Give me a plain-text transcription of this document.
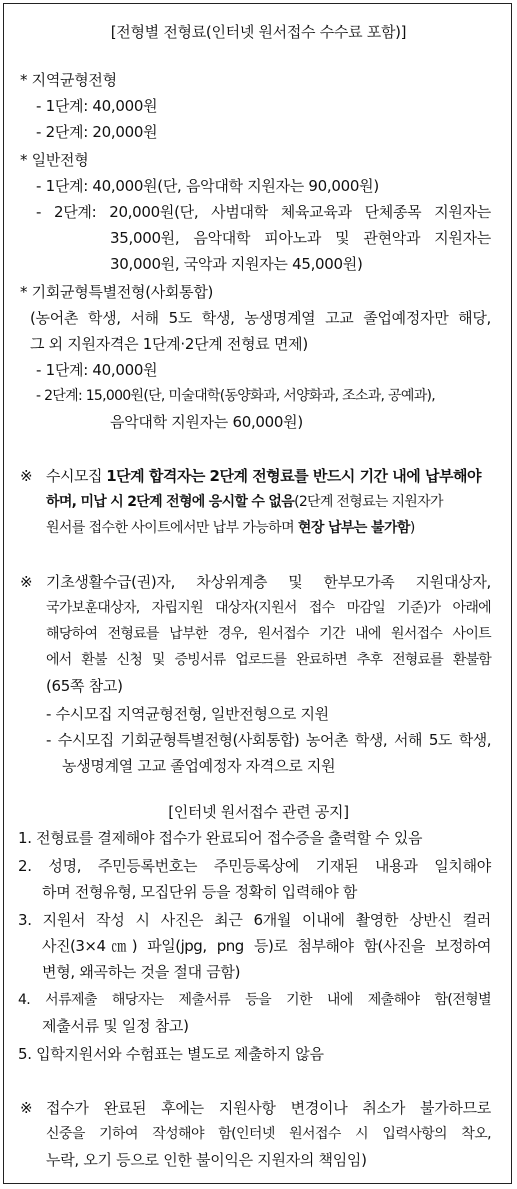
[전형별 전형료(인터넷 원서접수 수수료 포함)]
* 지역균형전형
- 1단계: 40,000원
- 2단계: 20,000원
* 일반전형
- 1단계: 40,000원(단, 음악대학 지원자는 90,000원)
- 2단계: 20,000원(단, 사범대학 체육교육과 단체종목 지원자는
35,000원, 음악대학 피아노과 및 관현악과 지원자는
30,000원, 국악과 지원자는 45,000원)
* 기회균형특별전형(사회통합)
(농어촌 학생, 서해 5도 학생, 농생명계열 고교 졸업예정자만 해당,
그 외 지원자격은 1단계·2단계 전형료 면제)
- 1단계: 40,000원
- 2단계: 15,000원(단, 미술대학(동양화과, 서양화과, 조소과, 공예과),
음악대학 지원자는 60,000원)
※ 수시모집 1단계 합격자는 2단계 전형료를 반드시 기간 내에 납부해야
하며, 미납 시 2단계 전형에 응시할 수 없음(2단계 전형료는 지원자가
원서를 접수한 사이트에서만 납부 가능하며 현장 납부는 불가함)
※ 기초생활수급(권)자, 차상위계층 및 한부모가족 지원대상자,
국가보훈대상자, 자립지원 대상자(지원서 접수 마감일 기준)가 아래에
해당하여 전형료를 납부한 경우, 원서접수 기간 내에 원서접수 사이트
에서 환불 신청 및 증빙서류 업로드를 완료하면 추후 전형료를 환불함
(65쪽 참고)
- 수시모집 지역균형전형, 일반전형으로 지원
- 수시모집 기회균형특별전형(사회통합) 농어촌 학생, 서해 5도 학생,
농생명계열 고교 졸업예정자 자격으로 지원
[인터넷 원서접수 관련 공지]
1. 전형료를 결제해야 접수가 완료되어 접수증을 출력할 수 있음
2. 성명, 주민등록번호는 주민등록상에 기재된 내용과 일치해야
하며 전형유형, 모집단위 등을 정확히 입력해야 함
3. 지원서 작성 시 사진은 최근 6개월 이내에 촬영한 상반신 컬러
사진(3×4㎝) 파일(jpg, png 등)로 첨부해야 함(사진을 보정하여
변형, 왜곡하는 것을 절대 금함)
4. 서류제출 해당자는 제출서류 등을 기한 내에 제출해야 함(전형별
제출서류 및 일정 참고)
5. 입학지원서와 수험표는 별도로 제출하지 않음
※ 접수가 완료된 후에는 지원사항 변경이나 취소가 불가하므로
신중을 기하여 작성해야 함(인터넷 원서접수 시 입력사항의 착오,
누락, 오기 등으로 인한 불이익은 지원자의 책임임)
